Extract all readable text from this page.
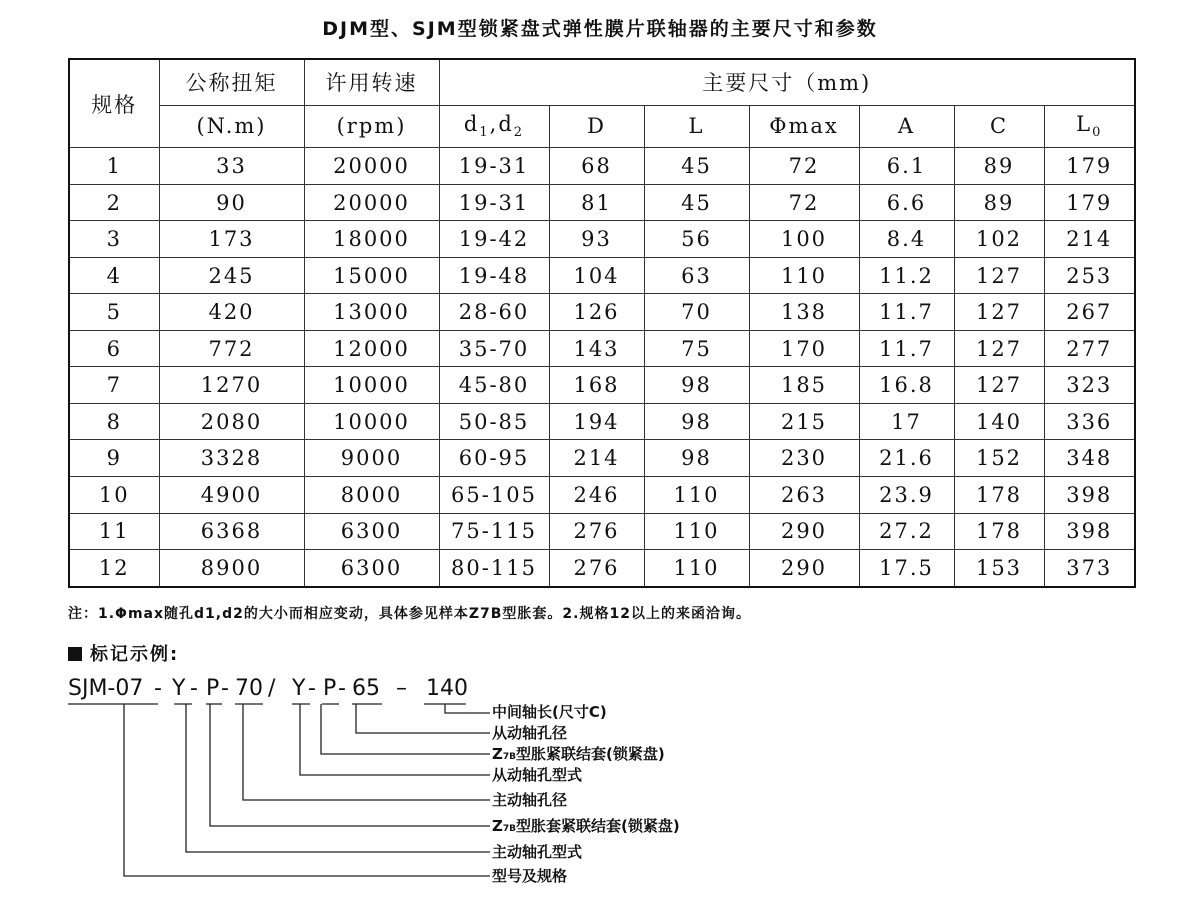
DJM型、SJM型锁紧盘式弹性膜片联轴器的主要尺寸和参数
规格	公称扭矩	许用转速	主要尺寸（mm)						
	(N.m)	(rpm)	$d_1,d_2$	D	L	Φmax	A	C	$L_0$
1	33	20000	19-31	68	45	72	6.1	89	179
2	90	20000	19-31	81	45	72	6.6	89	179
3	173	18000	19-42	93	56	100	8.4	102	214
4	245	15000	19-48	104	63	110	11.2	127	253
5	420	13000	28-60	126	70	138	11.7	127	267
6	772	12000	35-70	143	75	170	11.7	127	277
7	1270	10000	45-80	168	98	185	16.8	127	323
8	2080	10000	50-85	194	98	215	17	140	336
9	3328	9000	60-95	214	98	230	21.6	152	348
10	4900	8000	65-105	246	110	263	23.9	178	398
11	6368	6300	75-115	276	110	290	27.2	178	398
12	8900	6300	80-115	276	110	290	17.5	153	373
注：1.Φmax随孔d1,d2的大小而相应变动，具体参见样本Z7B型胀套。2.规格12以上的来函洽询。
标记示例:
SJM-07 - Y - P - 70 / Y - P - 65 – 140
中间轴长(尺寸C)
从动轴孔径
Z7B型胀紧联结套(锁紧盘)
从动轴孔型式
主动轴孔径
Z7B型胀套紧联结套(锁紧盘)
主动轴孔型式
型号及规格
